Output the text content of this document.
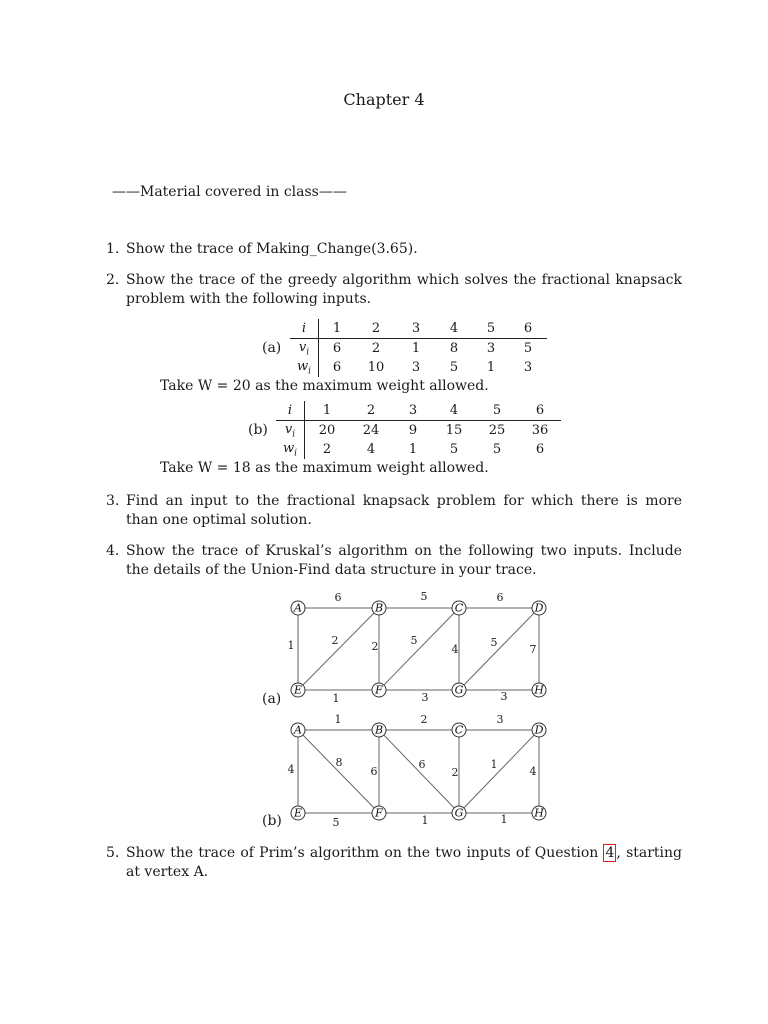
Chapter 4
——Material covered in class——
1. Show the trace of Making_Change(3.65).
2. Show the trace of the greedy algorithm which solves the fractional knapsack problem with the following inputs.
(a)
i	1	2	3	4	5	6
$v_i$	6	2	1	8	3	5
$w_i$	6	10	3	5	1	3
Take W = 20 as the maximum weight allowed.
(b)
i	1	2	3	4	5	6
$v_i$	20	24	9	15	25	36
$w_i$	2	4	1	5	5	6
Take W = 18 as the maximum weight allowed.
3. Find an input to the fractional knapsack problem for which there is more than one optimal solution.
4. Show the trace of Kruskal’s algorithm on the following two inputs. Include the details of the Union-Find data structure in your trace.
(a)
6	5	6
1	2	2	5
4
5
7
1	3	3
A	B	C	D
E	F	G	H
(b)
1	2	3
4
8
6
6
2
1
4
5	1	1
A	B	C	D
E	F	G	H
5. Show the trace of Prim’s algorithm on the two inputs of Question 4 , starting at vertex A.
